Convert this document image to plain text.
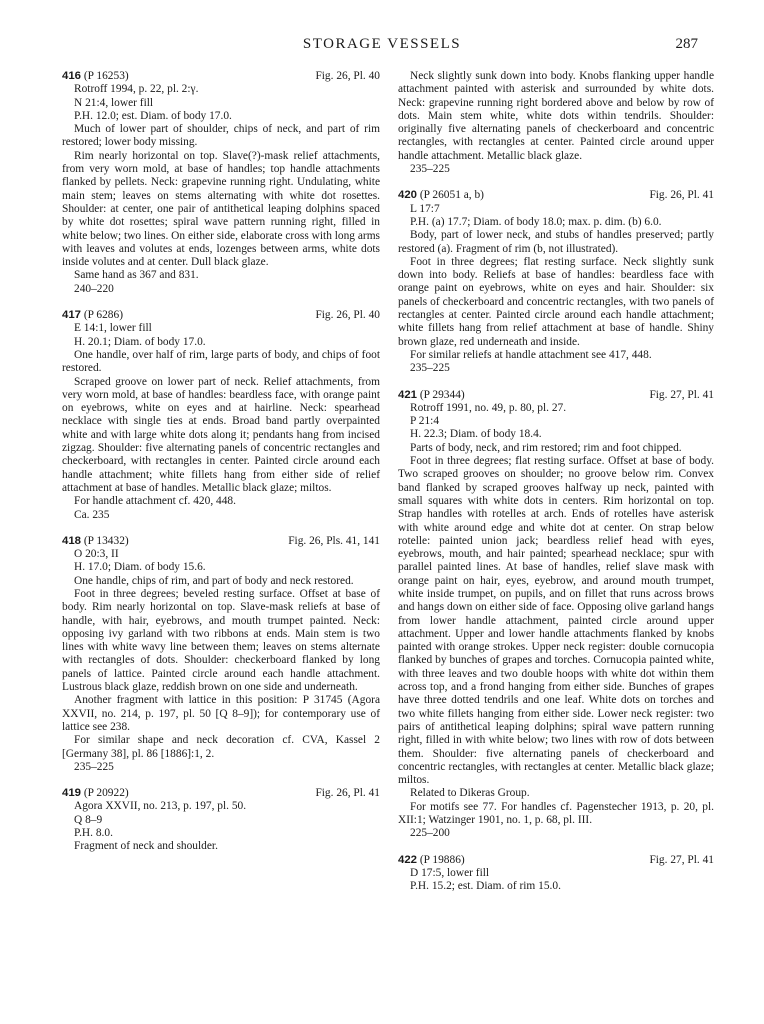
STORAGE VESSELS	287
416 (P 16253)	Fig. 26, Pl. 40
Rotroff 1994, p. 22, pl. 2:γ.
N 21:4, lower fill
P.H. 12.0; est. Diam. of body 17.0.

Much of lower part of shoulder, chips of neck, and part of rim restored; lower body missing.

Rim nearly horizontal on top. Slave(?)-mask relief attachments, from very worn mold, at base of handles; top handle attachments flanked by pellets. Neck: grapevine running right. Undulating, white main stem; leaves on stems alternating with white dot rosettes. Shoulder: at center, one pair of antithetical leaping dolphins spaced by white dot rosettes; spiral wave pattern running right, filled in white below; two lines. On either side, elaborate cross with long arms with leaves and volutes at ends, lozenges between arms, white dots inside volutes and at center. Dull black glaze.

Same hand as 367 and 831.

240–220
417 (P 6286)	Fig. 26, Pl. 40
E 14:1, lower fill
H. 20.1; Diam. of body 17.0.

One handle, over half of rim, large parts of body, and chips of foot restored.

Scraped groove on lower part of neck. Relief attachments, from very worn mold, at base of handles: beardless face, with orange paint on eyebrows, white on eyes and at hairline. Neck: spearhead necklace with single ties at ends. Broad band partly overpainted white and with large white dots along it; pendants hang from incised zigzag. Shoulder: five alternating panels of concentric rectangles and checkerboard, with rectangles in center. Painted circle around each handle attachment; white fillets hang from either side of relief attachment at base of handles. Metallic black glaze; miltos.

For handle attachment cf. 420, 448.

Ca. 235
418 (P 13432)	Fig. 26, Pls. 41, 141
O 20:3, II
H. 17.0; Diam. of body 15.6.

One handle, chips of rim, and part of body and neck restored.

Foot in three degrees; beveled resting surface. Offset at base of body. Rim nearly horizontal on top. Slave-mask reliefs at base of handle, with hair, eyebrows, and mouth trumpet painted. Neck: opposing ivy garland with two ribbons at ends. Main stem is two lines with white wavy line between them; leaves on stems alternate with rectangles of dots. Shoulder: checkerboard flanked by long panels of lattice. Painted circle around each handle attachment. Lustrous black glaze, reddish brown on one side and underneath.

Another fragment with lattice in this position: P 31745 (Agora XXVII, no. 214, p. 197, pl. 50 [Q 8–9]); for contemporary use of lattice see 238.

For similar shape and neck decoration cf. CVA, Kassel 2 [Germany 38], pl. 86 [1886]:1, 2.

235–225
419 (P 20922)	Fig. 26, Pl. 41
Agora XXVII, no. 213, p. 197, pl. 50.
Q 8–9
P.H. 8.0.

Fragment of neck and shoulder.

Neck slightly sunk down into body. Knobs flanking upper handle attachment painted with asterisk and surrounded by white dots. Neck: grapevine running right bordered above and below by row of dots. Main stem white, white dots within tendrils. Shoulder: originally five alternating panels of checkerboard and concentric rectangles, with rectangles at center. Painted circle around upper handle attachment. Metallic black glaze.

235–225
420 (P 26051 a, b)	Fig. 26, Pl. 41
L 17:7
P.H. (a) 17.7; Diam. of body 18.0; max. p. dim. (b) 6.0.

Body, part of lower neck, and stubs of handles preserved; partly restored (a). Fragment of rim (b, not illustrated).

Foot in three degrees; flat resting surface. Neck slightly sunk down into body. Reliefs at base of handles: beardless face with orange paint on eyebrows, white on eyes and hair. Shoulder: six panels of checkerboard and concentric rectangles, with two panels of rectangles at center. Painted circle around each handle attachment; white fillets hang from relief attachment at base of handle. Shiny brown glaze, red underneath and inside.

For similar reliefs at handle attachment see 417, 448.

235–225
421 (P 29344)	Fig. 27, Pl. 41
Rotroff 1991, no. 49, p. 80, pl. 27.
P 21:4
H. 22.3; Diam. of body 18.4.

Parts of body, neck, and rim restored; rim and foot chipped.

Foot in three degrees; flat resting surface. Offset at base of body. Two scraped grooves on shoulder; no groove below rim. Convex band flanked by scraped grooves halfway up neck, painted with small squares with white dots in centers. Rim horizontal on top. Strap handles with rotelles at arch. Ends of rotelles have asterisk with white around edge and white dot at center. On strap below rotelle: painted union jack; beardless relief head with eyes, eyebrows, mouth, and hair painted; spearhead necklace; spur with parallel painted lines. At base of handles, relief slave mask with orange paint on hair, eyes, eyebrow, and around mouth trumpet, white inside trumpet, on pupils, and on fillet that runs across brows and hangs down on either side of face. Opposing olive garland hangs from lower handle attachment, painted circle around upper attachment. Upper and lower handle attachments flanked by knobs painted with orange strokes. Upper neck register: double cornucopia flanked by bunches of grapes and torches. Cornucopia painted white, with three leaves and two double hoops with white dot within them across top, and a frond hanging from either side. Bunches of grapes have three dotted tendrils and one leaf. White dots on torches and two white fillets hanging from either side. Lower neck register: two pairs of antithetical leaping dolphins; spiral wave pattern running right, filled in with white below; two lines with row of dots between them. Shoulder: five alternating panels of checkerboard and concentric rectangles, with rectangles at center. Metallic black glaze; miltos.

Related to Dikeras Group.

For motifs see 77. For handles cf. Pagenstecher 1913, p. 20, pl. XII:1; Watzinger 1901, no. 1, p. 68, pl. III.

225–200
422 (P 19886)	Fig. 27, Pl. 41
D 17:5, lower fill
P.H. 15.2; est. Diam. of rim 15.0.
